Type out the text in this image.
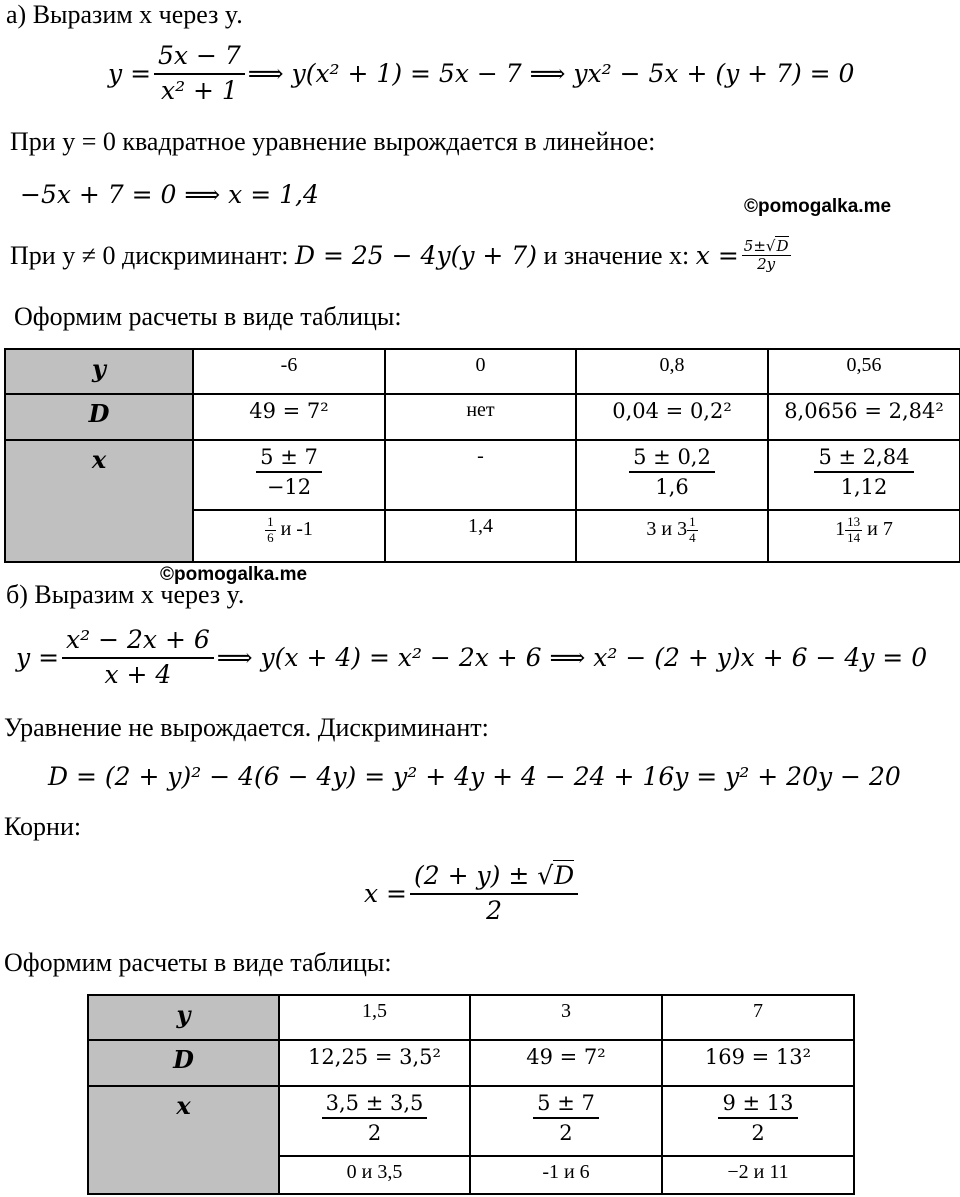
а) Выразим x через y.
$y = \frac{5x - 7}{\text{x² + 1}}$ ⟹ y(x² + 1) = 5x − 7 ⟹ yx² − 5x + (y + 7) = 0
При y = 0 квадратное уравнение вырождается в линейное:
−5x + 7 = 0 ⟹ x = 1,4	©pomogalka.me
При y ≠ 0 дискриминант:
D = 25 − 4y(y + 7)
и значение x:
$x = \frac{5\pm√D}{2y}$
Оформим расчеты в виде таблицы:
y	-6	0	0,8	0,56
D	49 = 7²	нет	0,04 = 0,2²	8,0656 = 2,84²
x	$\frac{5 \pm 7}{-12}$	-	$\frac{5 \pm 0,2}{1,6}$	$\frac{5 \pm 2,84}{1,12}$

	$\frac{1}{6}$ и -1	1,4	3 и $3 \frac{1}{4}$	$1 \frac{13}{14}$ и 7
©pomogalka.me
б) Выразим x через y.
$y = \frac{\text{x² − 2x + 6}}{x + 4}$ ⟹ y(x + 4) = x² − 2x + 6 ⟹ x² − (2 + y)x + 6 − 4y = 0
Уравнение не вырождается. Дискриминант:
D = (2 + y)² − 4(6 − 4y) = y² + 4y + 4 − 24 + 16y = y² + 20y − 20
Корни:
$x = \frac{(2 + y) \pm √D}{2}$
Оформим расчеты в виде таблицы:
y	1,5	3	7
D	12,25 = 3,5²	49 = 7²	169 = 13²
x	$\frac{3,5 \pm 3,5}{2}$	$\frac{5 \pm 7}{2}$	$\frac{9 \pm 13}{2}$

	0 и 3,5	-1 и 6	−2 и 11
